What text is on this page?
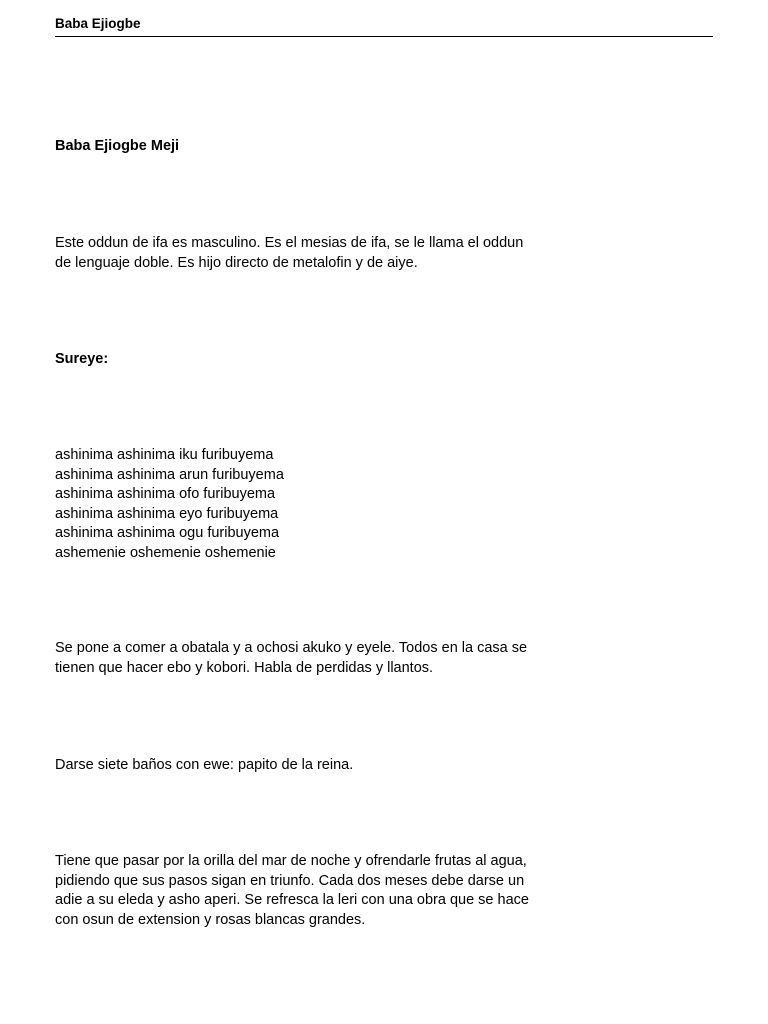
Baba Ejiogbe
Baba Ejiogbe Meji
Este oddun de ifa es masculino. Es el mesias de ifa, se le llama el oddun
de lenguaje doble. Es hijo directo de metalofin y de aiye.
Sureye:
ashinima ashinima iku furibuyema
ashinima ashinima arun furibuyema
ashinima ashinima ofo furibuyema
ashinima ashinima eyo furibuyema
ashinima ashinima ogu furibuyema
ashemenie oshemenie oshemenie
Se pone a comer a obatala y a ochosi akuko y eyele. Todos en la casa se
tienen que hacer ebo y kobori. Habla de perdidas y llantos.
Darse siete baños con ewe: papito de la reina.
Tiene que pasar por la orilla del mar de noche y ofrendarle frutas al agua,
pidiendo que sus pasos sigan en triunfo. Cada dos meses debe darse un
adie a su eleda y asho aperi. Se refresca la leri con una obra que se hace
con osun de extension y rosas blancas grandes.
